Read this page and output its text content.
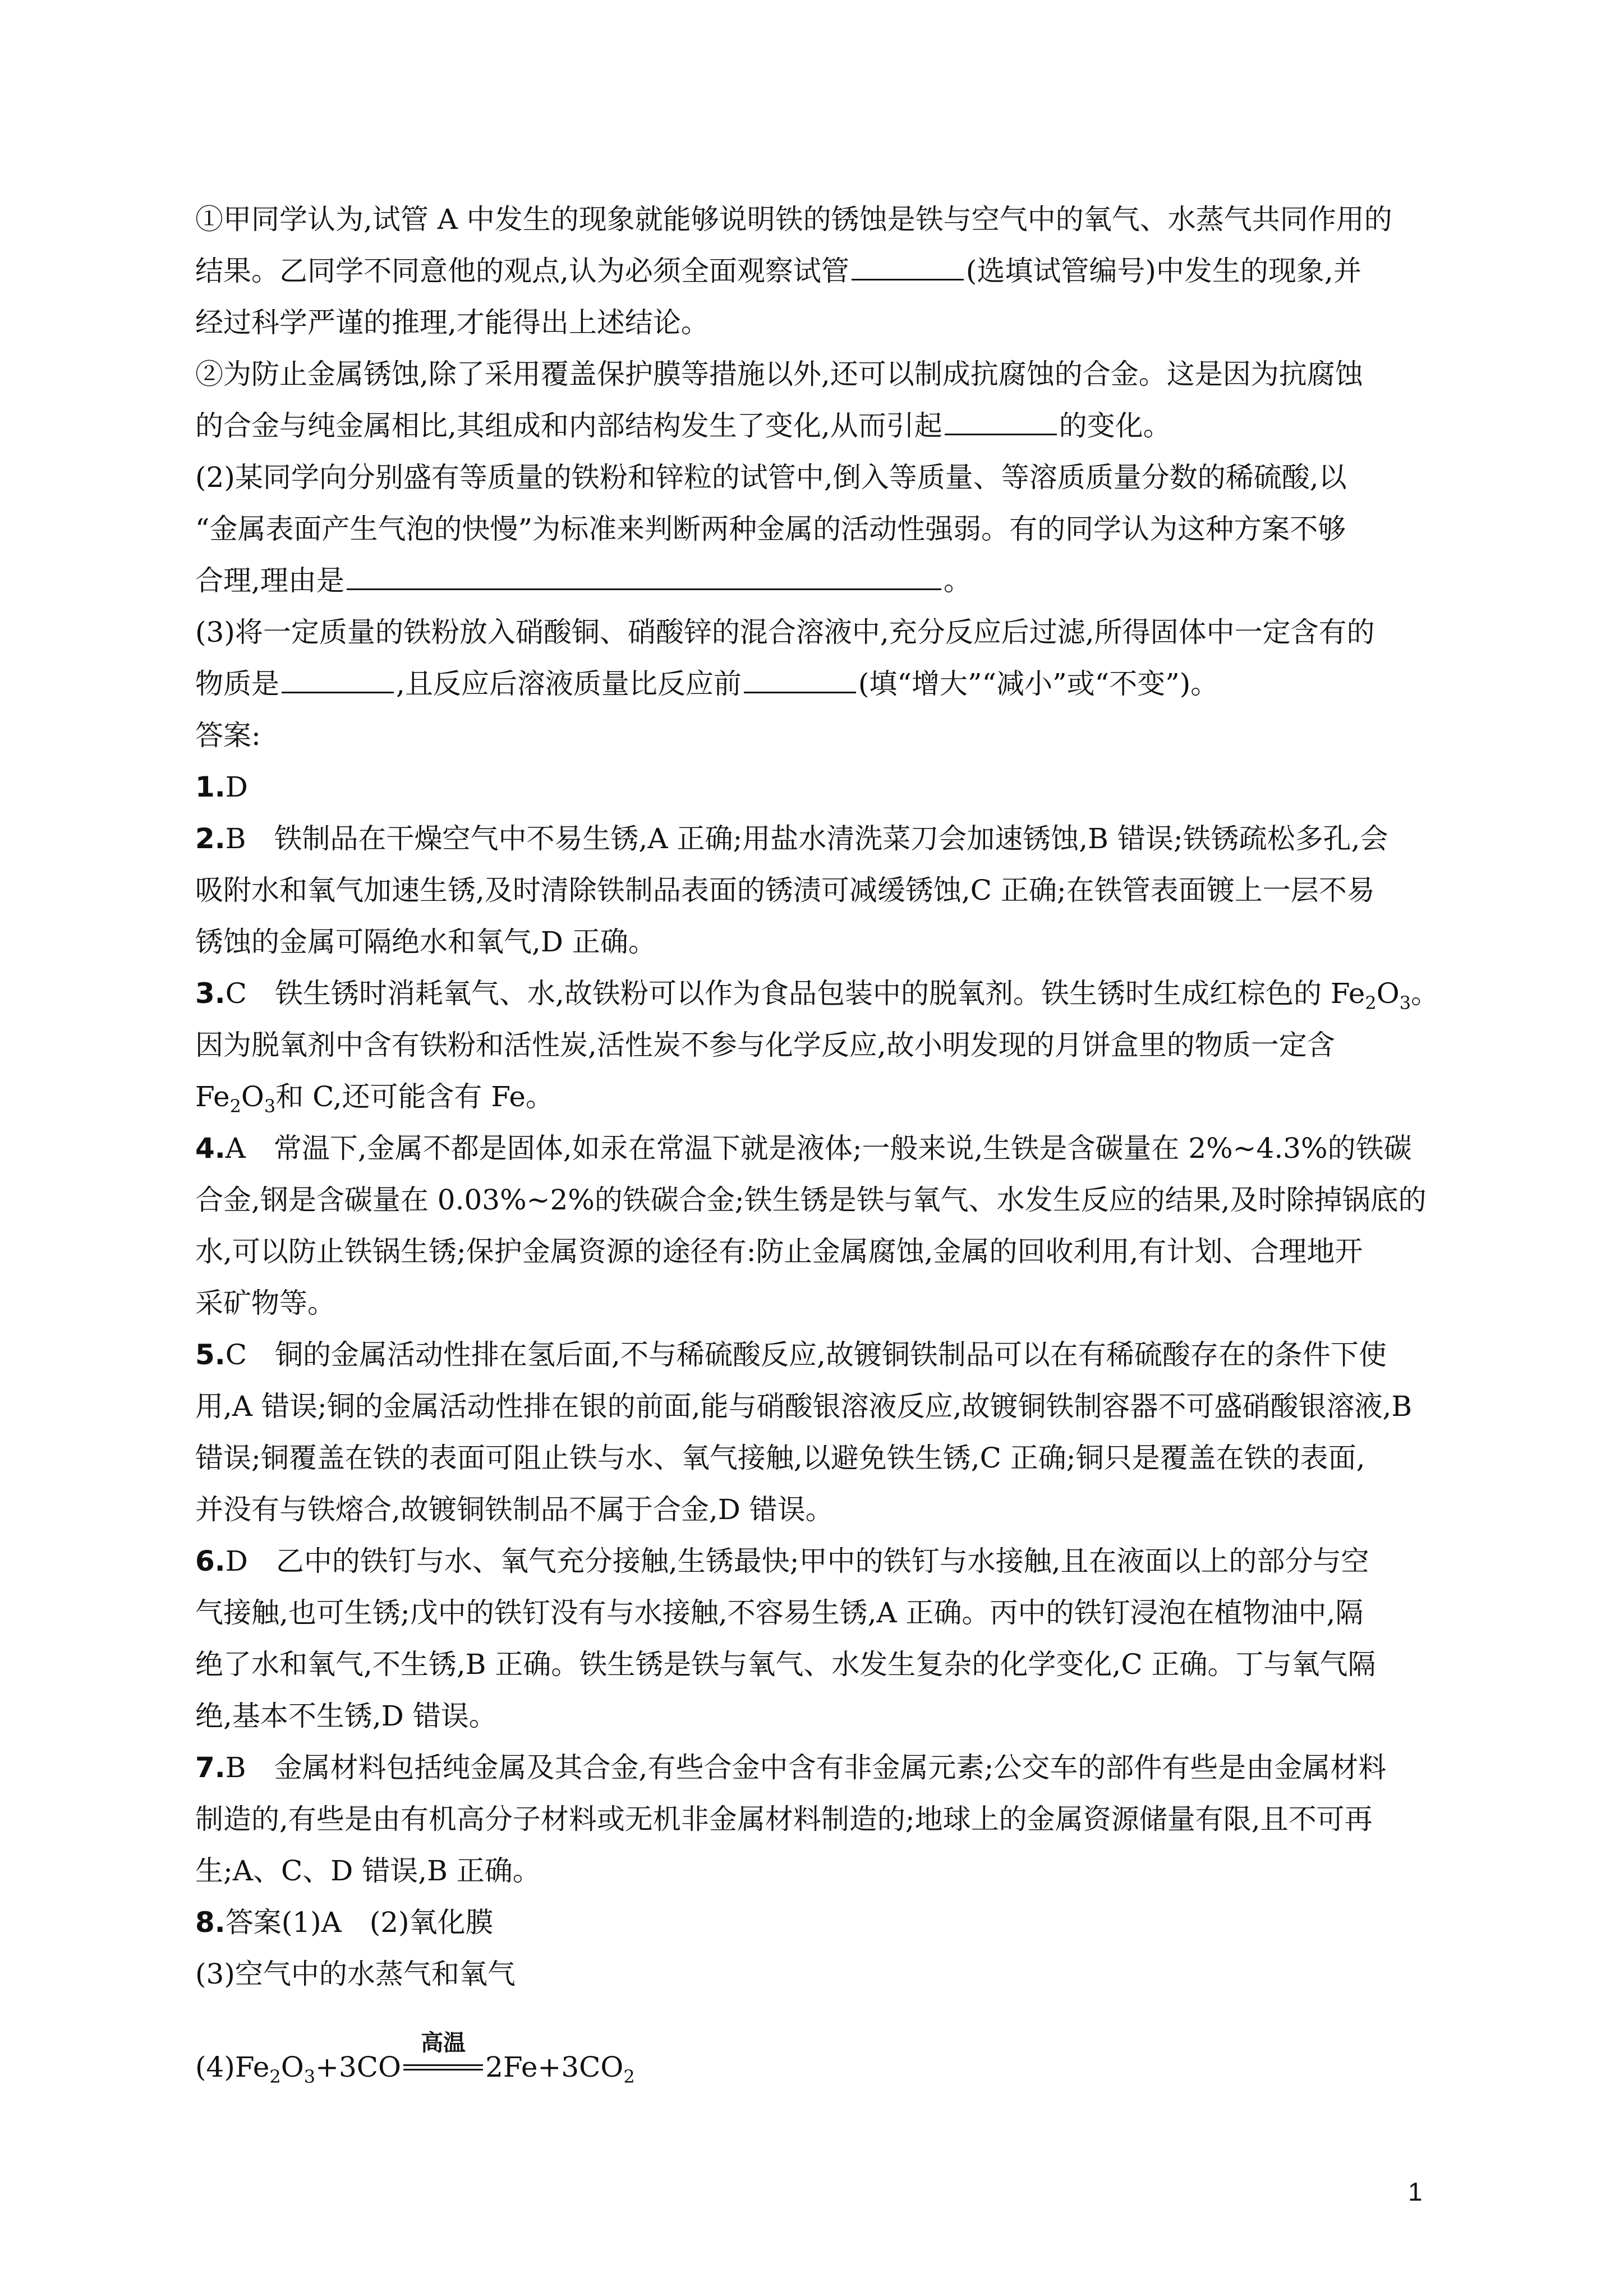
①甲同学认为,试管 A 中发生的现象就能够说明铁的锈蚀是铁与空气中的氧气、水蒸气共同作用的
结果。乙同学不同意他的观点,认为必须全面观察试管	(选填试管编号)中发生的现象,并
经过科学严谨的推理,才能得出上述结论。
②为防止金属锈蚀,除了采用覆盖保护膜等措施以外,还可以制成抗腐蚀的合金。这是因为抗腐蚀
的合金与纯金属相比,其组成和内部结构发生了变化,从而引起	的变化。
(2)某同学向分别盛有等质量的铁粉和锌粒的试管中,倒入等质量、等溶质质量分数的稀硫酸,以
“金属表面产生气泡的快慢”为标准来判断两种金属的活动性强弱。有的同学认为这种方案不够
合理,理由是	。
(3)将一定质量的铁粉放入硝酸铜、硝酸锌的混合溶液中,充分反应后过滤,所得固体中一定含有的
物质是	,且反应后溶液质量比反应前	(填“增大”“减小”或“不变”)。
答案:
1.D
2.B 铁制品在干燥空气中不易生锈,A 正确;用盐水清洗菜刀会加速锈蚀,B 错误;铁锈疏松多孔,会
吸附水和氧气加速生锈,及时清除铁制品表面的锈渍可减缓锈蚀,C 正确;在铁管表面镀上一层不易
锈蚀的金属可隔绝水和氧气,D 正确。
3.C 铁生锈时消耗氧气、水,故铁粉可以作为食品包装中的脱氧剂。铁生锈时生成红棕色的 $Fe_2O_3$。
因为脱氧剂中含有铁粉和活性炭,活性炭不参与化学反应,故小明发现的月饼盒里的物质一定含
$Fe_2O_3$和 C,还可能含有 Fe。
4.A 常温下,金属不都是固体,如汞在常温下就是液体;一般来说,生铁是含碳量在 2%~4.3%的铁碳
合金,钢是含碳量在 0.03%~2%的铁碳合金;铁生锈是铁与氧气、水发生反应的结果,及时除掉锅底的
水,可以防止铁锅生锈;保护金属资源的途径有:防止金属腐蚀,金属的回收利用,有计划、合理地开
采矿物等。
5.C 铜的金属活动性排在氢后面,不与稀硫酸反应,故镀铜铁制品可以在有稀硫酸存在的条件下使
用,A 错误;铜的金属活动性排在银的前面,能与硝酸银溶液反应,故镀铜铁制容器不可盛硝酸银溶液,B
错误;铜覆盖在铁的表面可阻止铁与水、氧气接触,以避免铁生锈,C 正确;铜只是覆盖在铁的表面,
并没有与铁熔合,故镀铜铁制品不属于合金,D 错误。
6.D 乙中的铁钉与水、氧气充分接触,生锈最快;甲中的铁钉与水接触,且在液面以上的部分与空
气接触,也可生锈;戊中的铁钉没有与水接触,不容易生锈,A 正确。丙中的铁钉浸泡在植物油中,隔
绝了水和氧气,不生锈,B 正确。铁生锈是铁与氧气、水发生复杂的化学变化,C 正确。丁与氧气隔
绝,基本不生锈,D 错误。
7.B 金属材料包括纯金属及其合金,有些合金中含有非金属元素;公交车的部件有些是由金属材料
制造的,有些是由有机高分子材料或无机非金属材料制造的;地球上的金属资源储量有限,且不可再
生;A、C、D 错误,B 正确。
8.答案(1)A (2)氧化膜
(3)空气中的水蒸气和氧气
$(4)Fe_2O_3+3CO$
高温
$2Fe+3CO_2$
1
